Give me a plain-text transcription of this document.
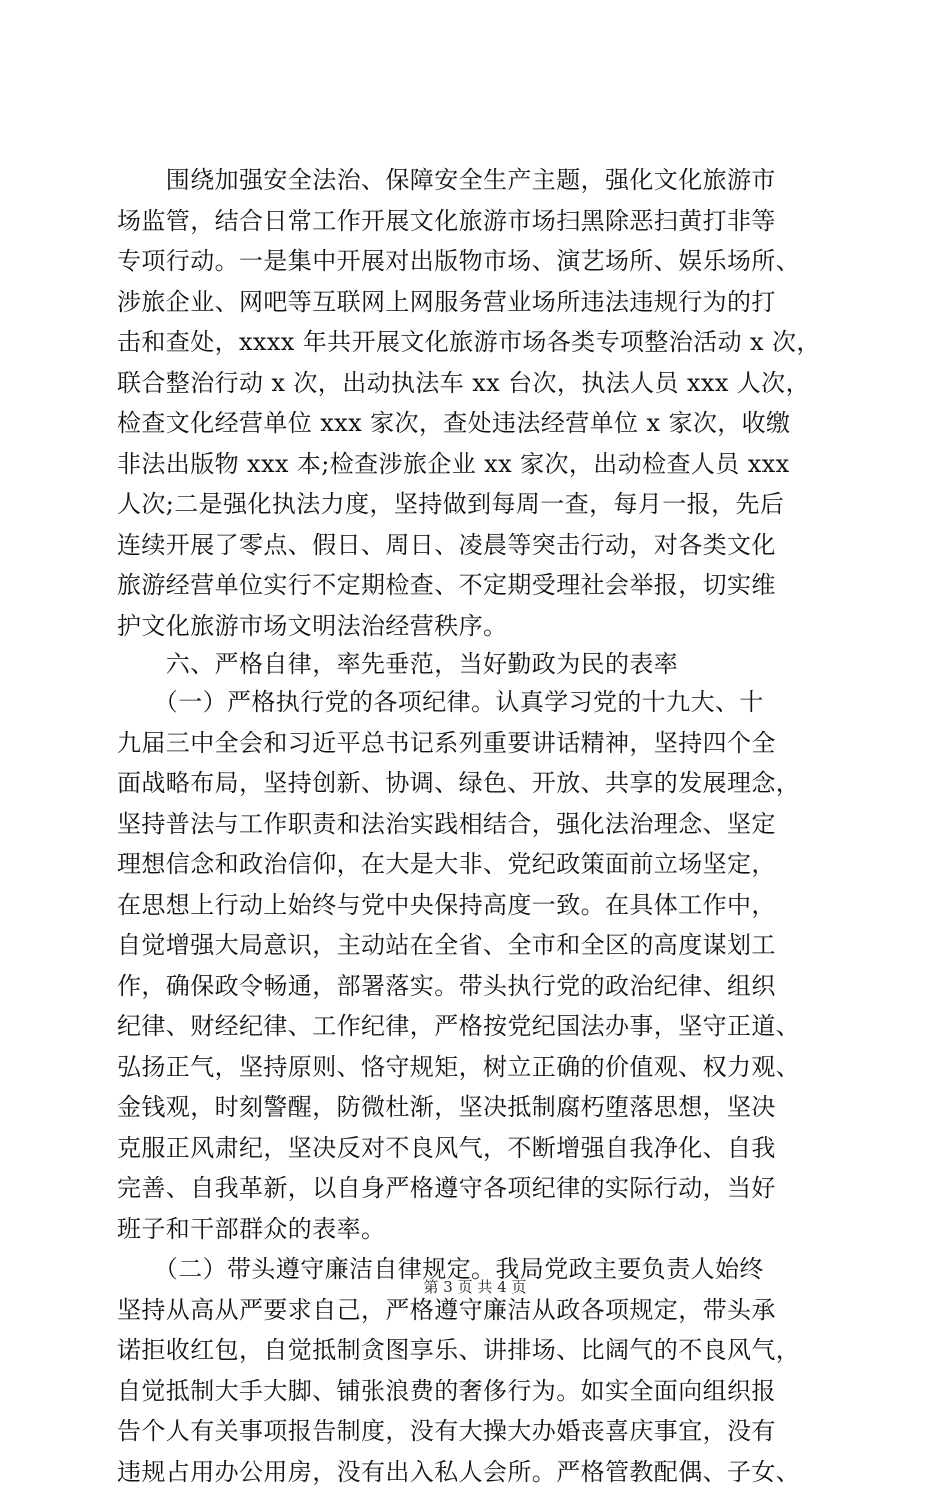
　　围绕加强安全法治、保障安全生产主题，强化文化旅游市
场监管，结合日常工作开展文化旅游市场扫黑除恶扫黄打非等
专项行动。一是集中开展对出版物市场、演艺场所、娱乐场所、
涉旅企业、网吧等互联网上网服务营业场所违法违规行为的打
击和查处，xxxx 年共开展文化旅游市场各类专项整治活动 x 次，
联合整治行动 x 次，出动执法车 xx 台次，执法人员 xxx 人次，
检查文化经营单位 xxx 家次，查处违法经营单位 x 家次，收缴
非法出版物 xxx 本;检查涉旅企业 xx 家次，出动检查人员 xxx
人次;二是强化执法力度，坚持做到每周一查，每月一报，先后
连续开展了零点、假日、周日、凌晨等突击行动，对各类文化
旅游经营单位实行不定期检查、不定期受理社会举报，切实维
护文化旅游市场文明法治经营秩序。
　　六、严格自律，率先垂范，当好勤政为民的表率
　　（一）严格执行党的各项纪律。认真学习党的十九大、十
九届三中全会和习近平总书记系列重要讲话精神，坚持四个全
面战略布局，坚持创新、协调、绿色、开放、共享的发展理念，
坚持普法与工作职责和法治实践相结合，强化法治理念、坚定
理想信念和政治信仰，在大是大非、党纪政策面前立场坚定，
在思想上行动上始终与党中央保持高度一致。在具体工作中，
自觉增强大局意识，主动站在全省、全市和全区的高度谋划工
作，确保政令畅通，部署落实。带头执行党的政治纪律、组织
纪律、财经纪律、工作纪律，严格按党纪国法办事，坚守正道、
弘扬正气，坚持原则、恪守规矩，树立正确的价值观、权力观、
金钱观，时刻警醒，防微杜渐，坚决抵制腐朽堕落思想，坚决
克服正风肃纪，坚决反对不良风气，不断增强自我净化、自我
完善、自我革新，以自身严格遵守各项纪律的实际行动，当好
班子和干部群众的表率。
　　（二）带头遵守廉洁自律规定。我局党政主要负责人始终
坚持从高从严要求自己，严格遵守廉洁从政各项规定，带头承
诺拒收红包，自觉抵制贪图享乐、讲排场、比阔气的不良风气，
自觉抵制大手大脚、铺张浪费的奢侈行为。如实全面向组织报
告个人有关事项报告制度，没有大操大办婚丧喜庆事宜，没有
违规占用办公用房，没有出入私人会所。严格管教配偶、子女、
第 3 页 共 4 页
